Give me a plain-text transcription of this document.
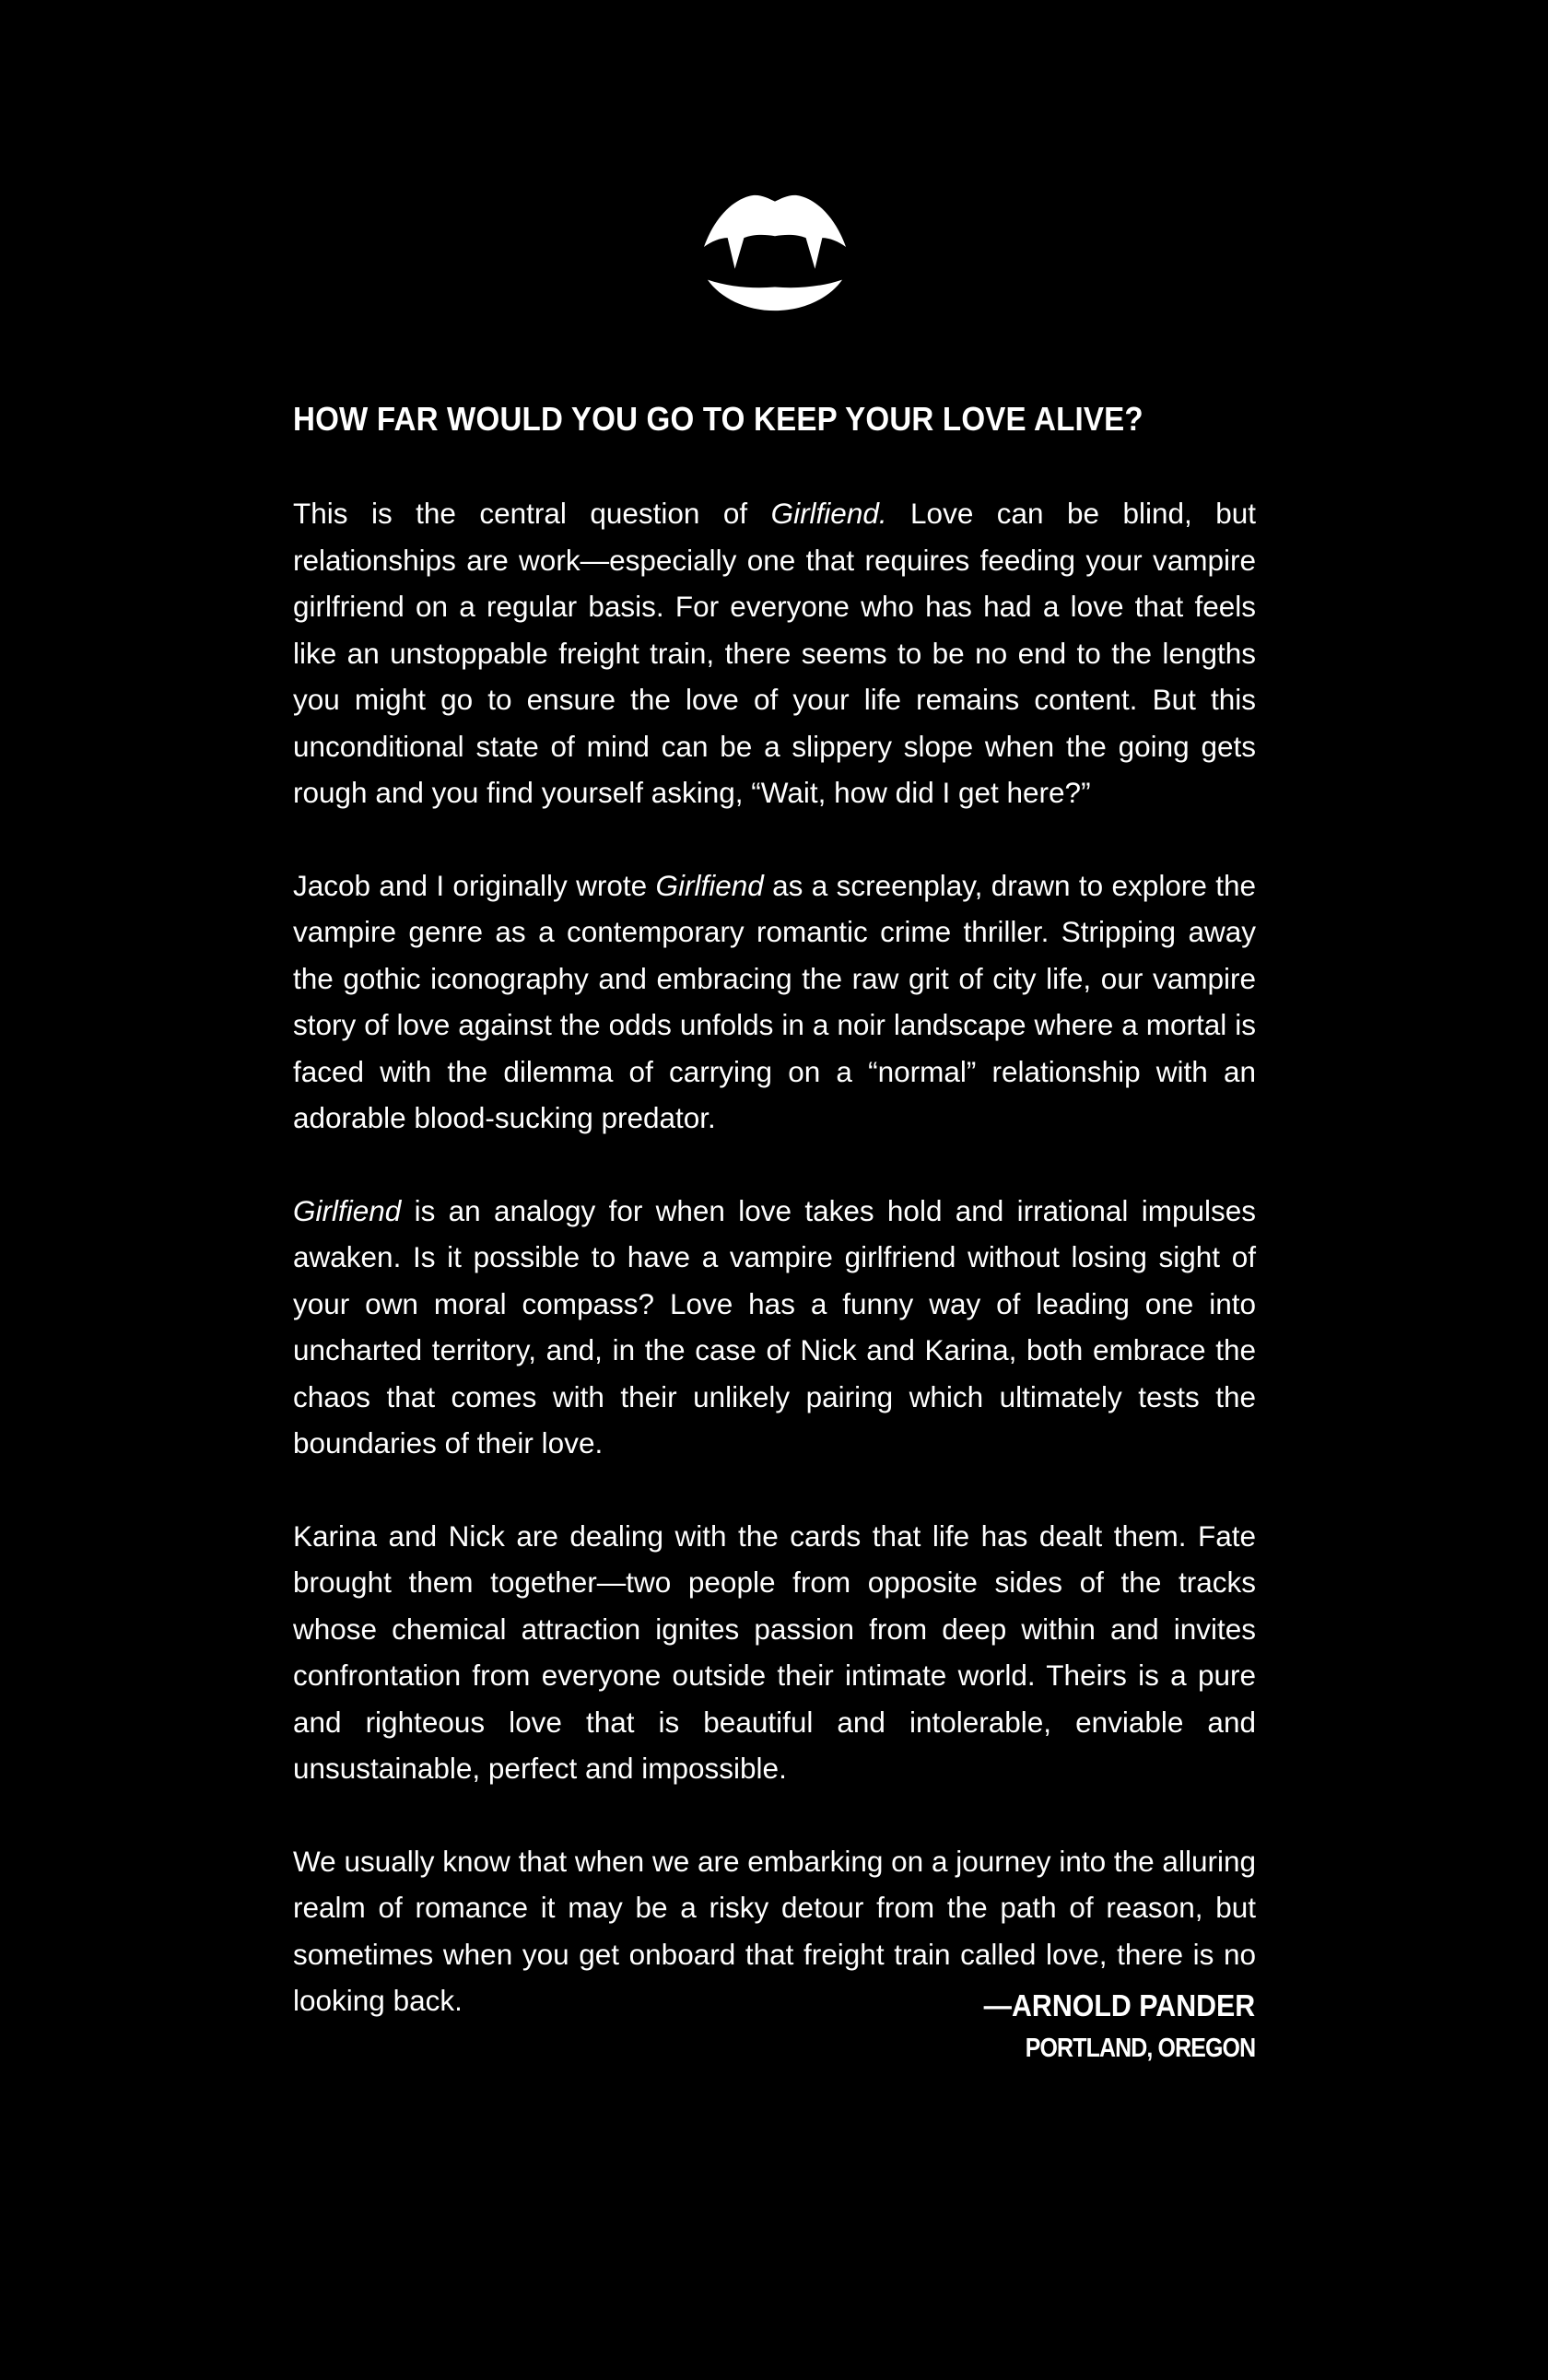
HOW FAR WOULD YOU GO TO KEEP YOUR LOVE ALIVE?

This is the central question of Girlfiend. Love can be blind, but relationships are work—especially one that requires feeding your vampire girlfriend on a regular basis. For everyone who has had a love that feels like an unstoppable freight train, there seems to be no end to the lengths you might go to ensure the love of your life remains content. But this unconditional state of mind can be a slippery slope when the going gets rough and you find yourself asking, “Wait, how did I get here?”

Jacob and I originally wrote Girlfiend as a screenplay, drawn to explore the vampire genre as a contemporary romantic crime thriller. Stripping away the gothic iconography and embracing the raw grit of city life, our vampire story of love against the odds unfolds in a noir landscape where a mortal is faced with the dilemma of carrying on a “normal” relationship with an adorable blood-sucking predator.

Girlfiend is an analogy for when love takes hold and irrational impulses awaken. Is it possible to have a vampire girlfriend without losing sight of your own moral compass? Love has a funny way of leading one into uncharted territory, and, in the case of Nick and Karina, both embrace the chaos that comes with their unlikely pairing which ultimately tests the boundaries of their love.

Karina and Nick are dealing with the cards that life has dealt them. Fate brought them together—two people from opposite sides of the tracks whose chemical attraction ignites passion from deep within and invites confrontation from everyone outside their intimate world. Theirs is a pure and righteous love that is beautiful and intolerable, enviable and unsustainable, perfect and impossible.

We usually know that when we are embarking on a journey into the alluring realm of romance it may be a risky detour from the path of reason, but sometimes when you get onboard that freight train called love, there is no looking back.	—ARNOLD PANDER
PORTLAND, OREGON
